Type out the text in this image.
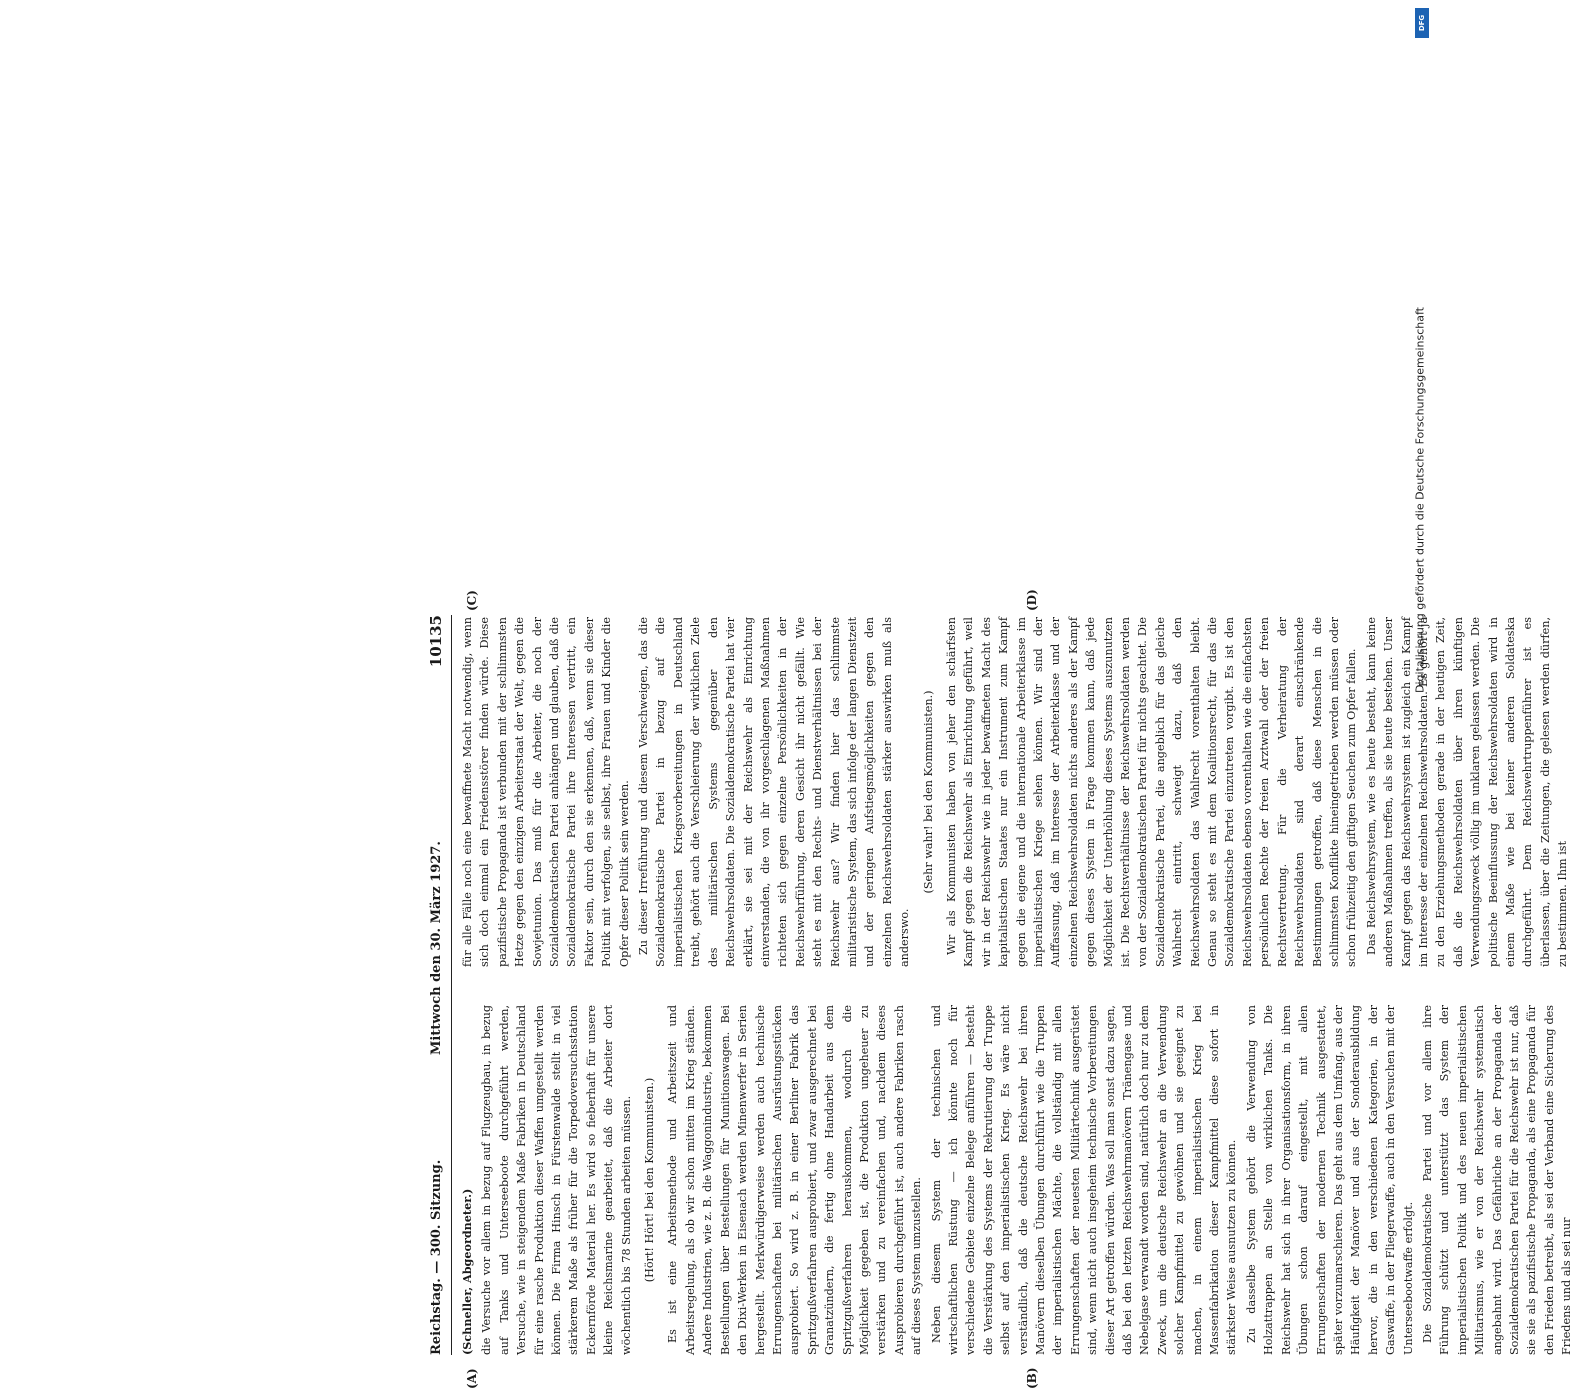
Reichstag. — 300. Sitzung.
Mittwoch den 30. März 1927.
10135
(A)	(B)
(C)	(D)

(Schneller, Abgeordneter.) die Versuche vor allem in bezug auf Flugzeugbau, in bezug auf Tanks und Unterseeboote durchgeführt werden, Versuche, wie in steigendem Maße Fabriken in Deutschland für eine rasche Produktion dieser Waffen umgestellt werden können. Die Firma Hinsch in Fürstenwalde stellt in viel stärkerem Maße als früher für die Torpedoversuchsstation Eckernförde Material her. Es wird so fieberhaft für unsere kleine Reichsmarine gearbeitet, daß die Arbeiter dort wöchentlich bis 78 Stunden arbeiten müssen. (Hört! Hört! bei den Kommunisten.) Es ist eine Arbeitsmethode und Arbeitszeit und Arbeitsregelung, als ob wir schon mitten im Krieg ständen. Andere Industrien, wie z. B. die Waggonindustrie, bekommen Bestellungen über Bestellungen für Munitionswagen. Bei den Dixi-Werken in Eisenach werden Minenwerfer in Serien hergestellt. Merkwürdigerweise werden auch technische Errungenschaften bei militärischen Ausrüstungsstücken ausprobiert. So wird z. B. in einer Berliner Fabrik das Spritzgußverfahren ausprobiert, und zwar ausgerechnet bei Granatzündern, die fertig ohne Handarbeit aus dem Spritzgußverfahren herauskommen, wodurch die Möglichkeit gegeben ist, die Produktion ungeheuer zu verstärken und zu vereinfachen und, nachdem dieses Ausprobieren durchgeführt ist, auch andere Fabriken rasch auf dieses System umzustellen. Neben diesem System der technischen und wirtschaftlichen Rüstung — ich könnte noch für verschiedene Gebiete einzelne Belege anführen — besteht die Verstärkung des Systems der Rekrutierung der Truppe selbst auf den imperialistischen Krieg. Es wäre nicht verständlich, daß die deutsche Reichswehr bei ihren Manövern dieselben Übungen durchführt wie die Truppen der imperialistischen Mächte, die vollständig mit allen Errungenschaften der neuesten Militärtechnik ausgerüstet sind, wenn nicht auch insgeheim technische Vorbereitungen dieser Art getroffen würden. Was soll man sonst dazu sagen, daß bei den letzten Reichswehrmanövern Tränengase und Nebelgase verwandt worden sind, natürlich doch nur zu dem Zweck, um die deutsche Reichswehr an die Verwendung solcher Kampfmittel zu gewöhnen und sie geeignet zu machen, in einem imperialistischen Krieg bei Massenfabrikation dieser Kampfmittel diese sofort in stärkster Weise ausnutzen zu können. Zu dasselbe System gehört die Verwendung von Holzattrappen an Stelle von wirklichen Tanks. Die Reichswehr hat sich in ihrer Organisationsform, in ihren Übungen schon darauf eingestellt, mit allen Errungenschaften der modernen Technik ausgestattet, später vorzumarschieren. Das geht aus dem Umfang, aus der Häufigkeit der Manöver und aus der Sonderausbildung hervor, die in den verschiedenen Kategorien, in der Gaswaffe, in der Fliegerwaffe, auch in den Versuchen mit der Unterseebootwaffe erfolgt. Die Sozialdemokratische Partei und vor allem ihre Führung schützt und unterstützt das System der imperialistischen Politik und des neuen imperialistischen Militarismus, wie er von der Reichswehr systematisch angebahnt wird. Das Gefährliche an der Propaganda der Sozialdemokratischen Partei für die Reichswehr ist nur, daß sie sie als pazifistische Propaganda, als eine Propaganda für den Frieden betreibt, als sei der Verband eine Sicherung des Friedens und als sei nur

für alle Fälle noch eine bewaffnete Macht notwendig, wenn sich doch einmal ein Friedensstörer finden würde. Diese pazifistische Propaganda ist verbunden mit der schlimmsten Hetze gegen den einzigen Arbeiterstaat der Welt, gegen die Sowjetunion. Das muß für die Arbeiter, die noch der Sozialdemokratischen Partei anhängen und glauben, daß die Sozialdemokratische Partei ihre Interessen vertritt, ein Faktor sein, durch den sie erkennen, daß, wenn sie dieser Politik mit verfolgen, sie selbst, ihre Frauen und Kinder die Opfer dieser Politik sein werden. Zu dieser Irreführung und diesem Verschweigen, das die Sozialdemokratische Partei in bezug auf die imperialistischen Kriegsvorbereitungen in Deutschland treibt, gehört auch die Verschleierung der wirklichen Ziele des militärischen Systems gegenüber den Reichswehrsoldaten. Die Sozialdemokratische Partei hat vier erklärt, sie sei mit der Reichswehr als Einrichtung einverstanden, die von ihr vorgeschlagenen Maßnahmen richteten sich gegen einzelne Persönlichkeiten in der Reichswehrführung, deren Gesicht ihr nicht gefällt. Wie steht es mit den Rechts- und Dienstverhältnissen bei der Reichswehr aus? Wir finden hier das schlimmste militaristische System, das sich infolge der langen Dienstzeit und der geringen Aufstiegsmöglichkeiten gegen den einzelnen Reichswehrsoldaten stärker auswirken muß als anderswo.

(Sehr wahr! bei den Kommunisten.) Wir als Kommunisten haben von jeher den schärfsten Kampf gegen die Reichswehr als Einrichtung geführt, weil wir in der Reichswehr wie in jeder bewaffneten Macht des kapitalistischen Staates nur ein Instrument zum Kampf gegen die eigene und die internationale Arbeiterklasse im imperialistischen Kriege sehen können. Wir sind der Auffassung, daß im Interesse der Arbeiterklasse und der einzelnen Reichswehrsoldaten nichts anderes als der Kampf gegen dieses System in Frage kommen kann, daß jede Möglichkeit der Unterhöhlung dieses Systems auszunutzen ist. Die Rechtsverhältnisse der Reichswehrsoldaten werden von der Sozialdemokratischen Partei für nichts geachtet. Die Sozialdemokratische Partei, die angeblich für das gleiche Wahlrecht eintritt, schweigt dazu, daß den Reichswehrsoldaten das Wahlrecht vorenthalten bleibt. Genau so steht es mit dem Koalitionsrecht, für das die Sozialdemokratische Partei einzutreten vorgibt. Es ist den Reichswehrsoldaten ebenso vorenthalten wie die einfachsten persönlichen Rechte der freien Arztwahl oder der freien Rechtsvertretung. Für die Verheiratung der Reichswehrsoldaten sind derart einschränkende Bestimmungen getroffen, daß diese Menschen in die schlimmsten Konflikte hineingetrieben werden müssen oder schon frühzeitig den giftigen Seuchen zum Opfer fallen. Das Reichswehrsystem, wie es heute besteht, kann keine anderen Maßnahmen treffen, als sie heute bestehen. Unser Kampf gegen das Reichswehrsystem ist zugleich ein Kampf im Interesse der einzelnen Reichswehrsoldaten. Es gehört ja zu den Erziehungsmethoden gerade in der heutigen Zeit, daß die Reichswehrsoldaten über ihren künftigen Verwendungszweck völlig im unklaren gelassen werden. Die politische Beeinflussung der Reichswehrsoldaten wird in einem Maße wie bei keiner anderen Soldateska durchgeführt. Dem Reichswehrtruppenführer ist es überlassen, über die Zeitungen, die gelesen werden dürfen, zu bestimmen. Ihm ist

DFG
Digitalisierung gefördert durch die Deutsche Forschungsgemeinschaft
